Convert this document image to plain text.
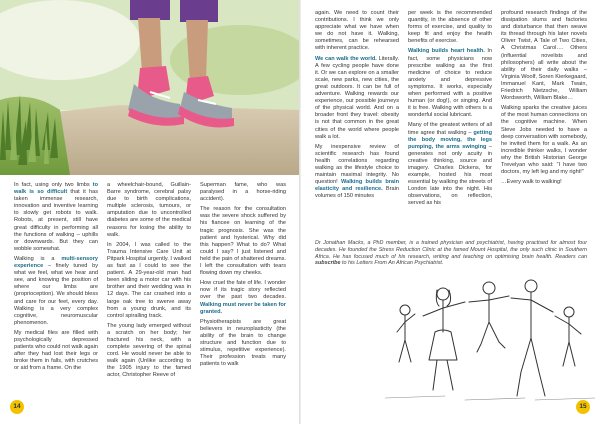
In fact, using only two limbs to walk is so difficult that it has taken immense research, innovation and inventive learning to slowly get robots to walk. Robots, at present, still have great difficulty in performing all the functions of walking – uphills or downwards. But they can wobble somewhat.

Walking is a multi-sensory experience – finely tuned by what we feel, what we hear and see, and knowing the position of where our limbs are (proprioception). We should bless and care for our feet, every day. Walking is a very complex cognitive, neuromuscular phenomenon.

My medical files are filled with psychologically depressed patients who could not walk again after they had lost their legs or broke them in falls, with crutches or aid from a frame. On the

a wheelchair-bound, Guillain-Barre syndrome, cerebral palsy due to birth complications, multiple sclerosis, tumours, or amputation due to uncontrolled diabetes are some of the medical reasons for losing the ability to walk.

In 2004, I was called to the Trauma Intensive Care Unit at Pitpark Hospital urgently. I walked as fast as I could to see the patient. A 29-year-old man had been sliding a motor car with his brother and their wedding was in 12 days. The car crashed into a large oak tree to swerve away from a young drunk, and its control spiralling track.

The young lady emerged without a scratch on her body; her fractured his neck, with a complete severing of the spinal cord. He would never be able to walk again (Unlike according to the 1905 injury to the famed actor, Christopher Reeve of

Superman fame, who was paralysed in a horse-riding accident).

The reason for the consultation was the severe shock suffered by his fiancee on learning of the tragic prognosis. She was the patient and hysterical. Why did this happen? What to do? What could I say? I just listened and held the pain of shattered dreams. I left the consultation with tears flowing down my cheeks.

How cruel the fate of life. I wonder now if its tragic story reflected over the past two decades. Walking must never be taken for granted.

Physiotherapists are great believers in neuroplasticity (the ability of the brain to change structure and function due to stimulus, repetitive experience). Their profession treats many patients to walk

14

again. We need to count their contributions. I think we only appreciate what we have when we do not have it. Walking, sometimes, can be rehearsed with inherent practice.

We can walk the world. Literally. A few cycling people have done it. Or we can explore on a smaller scale, new parks, new cities, the great outdoors. It can be full of adventure. Walking rewards our experience, our possible journeys of the physical world. And on a broader front they travel: obesity is not that common in the great cities of the world where people walk a lot.

My inexpensive review of scientific research has found health correlations regarding walking as the lifestyle choice to maintain maximal integrity. No question! Walking builds brain elasticity and resilience. Brain volumes of 150 minutes

per week is the recommended quantity, in the absence of other forms of exercise, and quality to keep fit and enjoy the health benefits of exercise.

Walking builds heart health. In fact, some physicians now prescribe walking as the first medicine of choice to reduce anxiety and depressive symptoms. It works, especially when performed with a positive human (or dog!), or singing. And it is free. Walking with others is a wonderful social lubricant.

Many of the greatest writers of all time agree that walking – getting the body moving, the legs pumping, the arms swinging – generates not only acuity in creative thinking, source and imagery. Charles Dickens, for example, hosted his most essential by walking the streets of London late into the night. His observations, on reflection, served as his

profound research findings of the dissipation slums and factories and disturbance that then weave its thread through his later novels Oliver Twist, A Tale of Two Cities, A Christmas Carol…. Others (influential novelists and philosophers) all write about the ability of their daily walks – Virginia Woolf, Soren Kierkegaard, Immanuel Kant, Mark Twain, Friedrich Nietzsche, William Wordsworth, William Blake…

Walking sparks the creative juices of the most human connections on the cognitive machine. When Steve Jobs needed to have a deep conversation with somebody, he invited them for a walk. As an incredible thinker walks, I wonder why the British Historian George Trevelyan who said: “I have two doctors, my left leg and my right!”

…Every walk to walking!

Dr Jonathan Macks, a PhD member, is a trained physician and psychiatrist, having practised for almost four decades. He founded the Stress Reduction Clinic at the famed Mount Hospital, the only such clinic in Southern Africa. He has focused much of his research, writing and teaching on optimising brain health. Readers can subscribe to his Letters From An African Psychiatrist.
15
